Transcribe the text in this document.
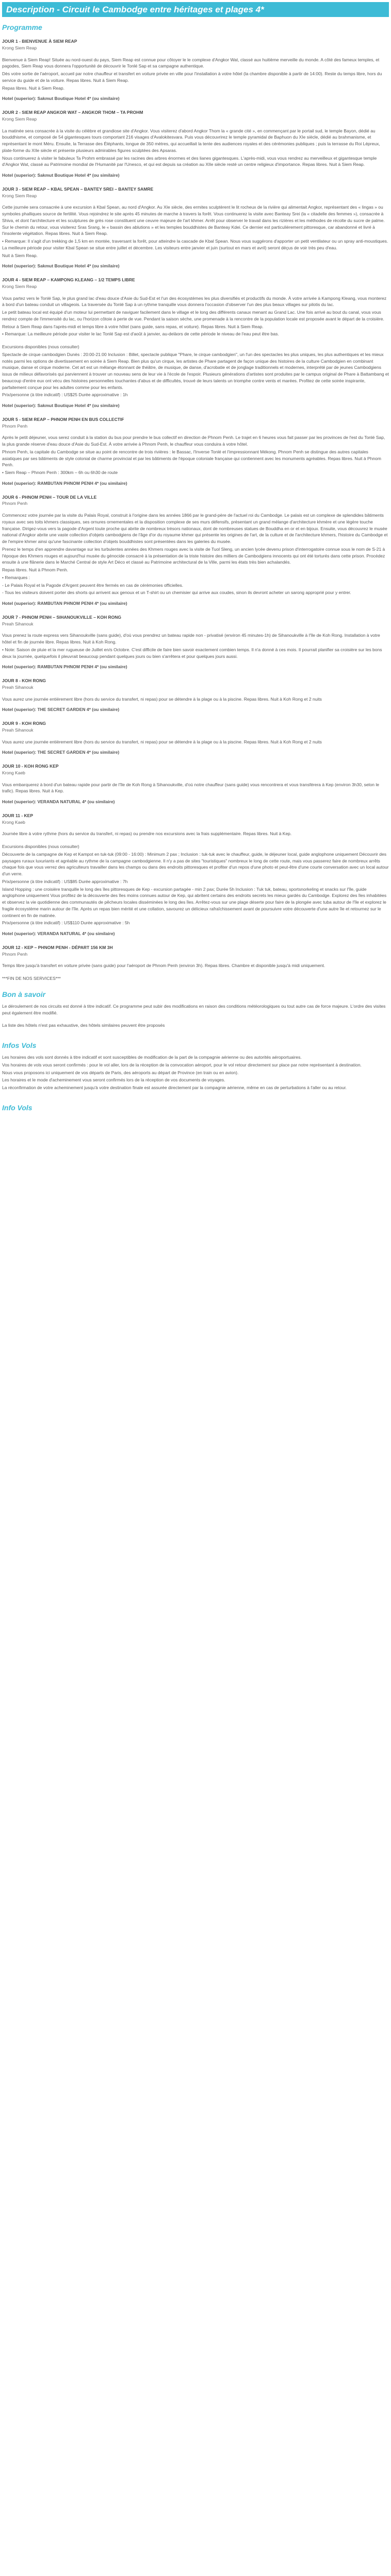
Description - Circuit le Cambodge entre héritages et plages 4*
Programme
JOUR 1 - BIENVENUE À SIEM REAP
Krong Siem Reap
Bienvenue à Siem Reap! Située au nord-ouest du pays, Siem Reap est connue pour côtoyer le le complexe d'Angkor Wat, classé aux huitième merveille du monde. A côté des fameux temples, et pagodes, Siem Reap vous donnera l'opportunité de découvrir le Tonlé Sap et sa campagne authentique.
Dès votre sortie de l'aéroport, accueil par notre chauffeur et transfert en voiture privée en ville pour l'installation à votre hôtel (la chambre disponible à partir de 14:00). Reste du temps libre, hors du service du guide et de la voiture. Repas libres. Nuit à Siem Reap.
Repas libres. Nuit à Siem Reap.
Hotel (superior): Sakmut Boutique Hotel 4* (ou similaire)
JOUR 2 - SIEM REAP ANGKOR WAT – ANGKOR THOM – TA PROHM
Krong Siem Reap
La matinée sera consacrée à la visite du célèbre et grandiose site d'Angkor. Vous visiterez d'abord Angkor Thom la « grande cité », en commençant par le portail sud, le temple Bayon, dédié au bouddhisme, et composé de 54 gigantesques tours comportant 216 visages d'Avalokitesvara. Puis vous découvrirez le temple pyramidal de Baphuon du XIe siècle, dédié au brahmanisme, et représentant le mont Méru. Ensuite, la Terrasse des Éléphants, longue de 350 mètres, qui accueillait la tente des audiences royales et des cérémonies publiques ; puis la terrasse du Roi Lépreux, plate-forme du XIIe siècle et présente plusieurs admirables figures sculptées des Apsaras.
Nous continuerez à visiter le fabuleux Ta Prohm embrassé par les racines des arbres énormes et des lianes gigantesques. L'après-midi, vous vous rendrez au merveilleux et gigantesque temple d'Angkor Wat, classé au Patrimoine mondial de l'Humanité par l'Unesco, et qui est depuis sa création au XIIe siècle resté un centre religieux d'importance. Repas libres. Nuit à Siem Reap.
Hotel (superior): Sakmut Boutique Hotel 4* (ou similaire)
JOUR 3 - SIEM REAP – KBAL SPEAN – BANTEY SREI – BANTEY SAMRE
Krong Siem Reap
Cette journée sera consacrée à une excursion à Kbal Spean, au nord d'Angkor. Au XIe siècle, des ermites sculptèrent le lit rocheux de la rivière qui alimentait Angkor, représentant des « lingas » ou symboles phalliques source de fertilité. Vous rejoindrez le site après 45 minutes de marche à travers la forêt. Vous continuerez la visite avec Banteay Srei (la « citadelle des femmes »), consacrée à Shiva, et dont l'architecture et les sculptures de grès rose constituent une ceuvre majeure de l'art khmer. Arrêt pour observer le travail dans les rizières et les méthodes de récolte du sucre de palme. Sur le chemin du retour, vous visiterez Sras Srang, le « bassin des ablutions » et les temples bouddhistes de Banteay Kdei. Ce dernier est particulièrement pittoresque, car abandonné et livré à l'insolente végétation. Repas libres. Nuit à Siem Reap.
• Remarque: Il s'agit d'un trekking de 1,5 km en montée, traversant la forêt, pour atteindre la cascade de Kbal Spean. Nous vous suggérons d'apporter un petit ventilateur ou un spray anti-moustiques. La meilleure période pour visiter Kbal Spean se situe entre juillet et décembre. Les visiteurs entre janvier et juin (surtout en mars et avril) seront déçus de voir très peu d'eau.
Nuit à Siem Reap.
Hotel (superior): Sakmut Boutique Hotel 4* (ou similaire)
JOUR 4 - SIEM REAP – KAMPONG KLEANG – 1/2 TEMPS LIBRE
Krong Siem Reap
Vous partez vers le Tonlé Sap, le plus grand lac d'eau douce d'Asie du Sud-Est et l'un des écosystèmes les plus diversifiés et productifs du monde. À votre arrivée à Kampong Kleang, vous monterez à bord d'un bateau conduit un villageois. La traversée du Tonlé Sap à un rythme tranquille vous donnera l'occasion d'observer l'un des plus beaux villages sur pilotis du lac.
Le petit bateau local est équipé d'un moteur lui permettant de naviguer facilement dans le village et le long des différents canaux menant au Grand Lac. Une fois arrivé au bout du canal, vous vous rendrez compte de l'immensité du lac, ou l'horizon côtoie à perte de vue. Pendant la saison sèche, une promenade à la rencontre de la population locale est proposée avant le départ de la croisière.
Retour à Siem Reap dans l'après-midi et temps libre à votre hôtel (sans guide, sans repas, et voiture). Repas libres. Nuit à Siem Reap.
• Remarque: La meilleure période pour visiter le lac Tonlé Sap est d'août à janvier, au-delàors de cette période le niveau de l'eau peut être bas.
Excursions disponibles (nous consulter)
Spectacle de cirque cambodgien Dunès : 20:00-21:00 Inclusion : Billet, spectacle publique "Phare, le cirque cambodgien", un l'un des spectacles les plus uniques, les plus authentiques et les mieux notés parmi les options de divertissement en soirée à Siem Reap. Bien plus qu'un cirque, les artistes de Phare partagent de façon unique des histoires de la culture Cambodgien en combinant musique, danse et cirque moderne. Cet art est un mélange étonnant de théâtre, de musique, de danse, d'acrobatie et de jonglage traditionnels et modernes, interprété par de jeunes Cambodgiens issus de milieux défavorisés qui parviennent à trouver un nouveau sens de leur vie à l'école de l'espoir. Plusieurs générations d'artistes sont produites par le campus original de Phare à Battambang et beaucoup d'entre eux ont vécu des histoires personnelles touchantes d'abus et de difficultés, trouvé de leurs talents un triomphe contre vents et marées. Profitez de cette soirée inspirante, parfaitement conçue pour les adultes comme pour les enfants.
Prix/personne (à titre indicatif) : US$25 Durée approximative : 1h
Hotel (superior): Sakmut Boutique Hotel 4* (ou similaire)
JOUR 5 - SIEM REAP – PHNOM PENH EN BUS COLLECTIF
Phnom Penh
Après le petit déjeuner, vous serez conduit à la station du bus pour prendre le bus collectif en direction de Phnom Penh. Le trajet en 6 heures vous fait passer par les provinces de l'est du Tonlé Sap, la plus grande réserve d'eau douce d'Asie du Sud-Est. À votre arrivée à Phnom Penh, le chauffeur vous conduira à votre hôtel.
Phnom Penh, la capitale du Cambodge se situe au point de rencontre de trois rivières : le Bassac, l'Inverse Tonlé et l'impressionnant Mékong. Phnom Penh se distingue des autres capitales asiatiques par ses bâtiments de style colonial de charme provincial et par les bâtiments de l'époque coloniale française qui contiennent avec les monuments agréables. Repas libres. Nuit à Phnom Penh.
• Siem Reap – Phnom Penh : 300km – 6h ou 6h30 de route
Hotel (superior): RAMBUTAN PHNOM PENH 4* (ou similaire)
JOUR 6 - PHNOM PENH – TOUR DE LA VILLE
Phnom Penh
Commencez votre journée par la visite du Palais Royal, construit à l'origine dans les années 1866 par le grand-père de l'actuel roi du Cambodge. Le palais est un complexe de splendides bâtiments royaux avec ses toits khmers classiques, ses ornures ornementales et la disposition complexe de ses murs défensifs, présentant un grand mélange d'architecture khmère et une légère touche française. Dirigez-vous vers la pagode d'Argent toute proche qui abrite de nombreux trésors nationaux, dont de nombreuses statues de Bouddha en or et en bijoux. Ensuite, vous découvrez le musée national d'Angkor abrite une vaste collection d'objets cambodgiens de l'âge d'or du royaume khmer qui présente les origines de l'art, de la culture et de l'architecture khmers, l'histoire du Cambodge et de l'empire khmer ainsi qu'une fascinante collection d'objets bouddhistes sont présentées dans les galeries du musée.
Prenez le temps d'en apprendre davantage sur les turbulentes années des Khmers rouges avec la visite de Tuol Sleng, un ancien lycée devenu prison d'interrogatoire connue sous le nom de S-21 à l'époque des Khmers rouges et aujourd'hui musée du génocide consacré à la présentation de la triste histoire des milliers de Cambodgiens innocents qui ont été torturés dans cette prison. Procédez ensuite à une flânerie dans le Marché Central de style Art Déco et classé au Patrimoine architectural de la Ville, parmi les états très bien achalandés.
Repas libres. Nuit à Phnom Penh.
• Remarques :
- Le Palais Royal et la Pagode d'Argent peuvent être fermés en cas de cérémonies officielles.
- Tous les visiteurs doivent porter des shorts qui arrivent aux genoux et un T-shirt ou un chemisier qui arrive aux coudes, sinon ils devront acheter un sarong approprié pour y entrer.
Hotel (superior): RAMBUTAN PHNOM PENH 4* (ou similaire)
JOUR 7 - PHNOM PENH – SIHANOUKVILLE – KOH RONG
Preah Sihanouk
Vous prenez la route express vers Sihanoukville (sans guide), d'où vous prendrez un bateau rapide non - privatisé (environ 45 minutes-1h) de Sihanoukville à l'île de Koh Rong. Installation à votre hôtel et fin de journée libre. Repas libres. Nuit à Koh Rong.
• Note: Saison de pluie et la mer rugueuse de Juillet en/s Octobre. C'est difficile de faire bien savoir exactement combien temps. Il n'a donné à ces mois. Il pourrait planifier sa croisière sur les bons deux la journée, quelquefois il pleuvrait beaucoup pendant quelques jours ou bien s'arrêtera et pour quelques jours aussi.
Hotel (superior): RAMBUTAN PHNOM PENH 4* (ou similaire)
JOUR 8 - KOH RONG
Preah Sihanouk
Vous aurez une journée entièrement libre (hors du service du transfert, ni repas) pour se détendre à la plage ou à la piscine. Repas libres. Nuit à Koh Rong et 2 nuits
Hotel (superior): THE SECRET GARDEN 4* (ou similaire)
JOUR 9 - KOH RONG
Preah Sihanouk
Vous aurez une journée entièrement libre (hors du service du transfert, ni repas) pour se détendre à la plage ou à la piscine. Repas libres. Nuit à Koh Rong et 2 nuits
Hotel (superior): THE SECRET GARDEN 4* (ou similaire)
JOUR 10 - KOH RONG KEP
Krong Kaeb
Vous embarquerez à bord d'un bateau rapide pour partir de l'île de Koh Rong à Sihanoukville, d'où notre chauffeur (sans guide) vous rencontrera et vous transférera à Kep (environ 3h30, selon le trafic). Repas libres. Nuit à Kep.
Hotel (superior): VERANDA NATURAL 4* (ou similaire)
JOUR 11 - KEP
Krong Kaeb
Journée libre à votre rythme (hors du service du transfert, ni repas) ou prendre nos excursions avec la frais supplémentaire. Repas libres. Nuit à Kep.
Excursions disponibles (nous consulter)
Découverte de la campagne de Kep et Kampot en tuk-tuk (09:00 - 16:00) : Minimum 2 pax ; Inclusion : tuk-tuk avec le chauffeur, guide, le déjeuner local, guide anglophone uniquement Découvrir des paysages ruraux luxuriants et agréable au rythme de la campagne cambodgienne. Il n'y a pas de sites "touristiques" nombreux le long de cette route, mais vous passerez faire de nombreux arrêts chaque fois que vous verrez des agriculteurs travailler dans les champs ou dans des endroits pittoresques et profiter d'un repos d'une photo et peut-être d'une courte conversation avec un local autour d'un verre.
Prix/personne (à titre indicatif) : US$85 Durée approximative : 7h
Island Hopping : une croisière tranquille le long des îles pittoresques de Kep - excursion partagée - min 2 pax; Durée 5h Inclusion : Tuk tuk, bateau, sportsnorkeling et snacks sur l'île, guide anglophone uniquement Vous profitez de la découverte des îles moins connues autour de Kep, qui abritent certains des endroits secrets les mieux gardés du Cambodge. Explorez des îles inhabitées et observez la vie quotidienne des communautés de pêcheurs locales disséminées le long des îles. Arrêtez-vous sur une plage déserte pour faire de la plongée avec tuba autour de l'île et explorez le fragile écosystème marin autour de l'île. Après un repas bien mérité et une collation, savourez un délicieux rafraîchissement avant de poursuivre votre découverte d'une autre île et retournez sur le continent en fin de matinée.
Prix/personne (à titre indicatif) : US$110 Durée approximative : 5h
Hotel (superior): VERANDA NATURAL 4* (ou similaire)
JOUR 12 - KEP – PHNOM PENH - DÉPART 156 KM 3H
Phnom Penh
Temps libre jusqu'à transfert en voiture privée (sans guide) pour l'aéroport de Phnom Penh (environ 3h). Repas libres. Chambre et disponible jusqu'à midi uniquement.
***FIN DE NOS SERVICES***
Bon à savoir
Le déroulement de nos circuits est donné à titre indicatif. Ce programme peut subir des modifications en raison des conditions météorologiques ou tout autre cas de force majeure. L'ordre des visites peut également être modifié.
La liste des hôtels n'est pas exhaustive, des hôtels similaires peuvent être proposés
Infos Vols
Les horaires des vols sont donnés à titre indicatif et sont susceptibles de modification de la part de la compagnie aérienne ou des autorités aéroportuaires.
Vos horaires de vols vous seront confirmés : pour le vol aller, lors de la réception de la convocation aéroport, pour le vol retour directement sur place par notre représentant à destination.
Nous vous proposons ici uniquement de vos départs de Paris, des aéroports au départ de Province (en train ou en avion).
Les horaires et le mode d'acheminement vous seront confirmés lors de la réception de vos documents de voyages.
La réconfirmation de votre acheminement jusqu'à votre destination finale est assurée directement par la compagnie aérienne, même en cas de perturbations à l'aller ou au retour.
Info Vols
